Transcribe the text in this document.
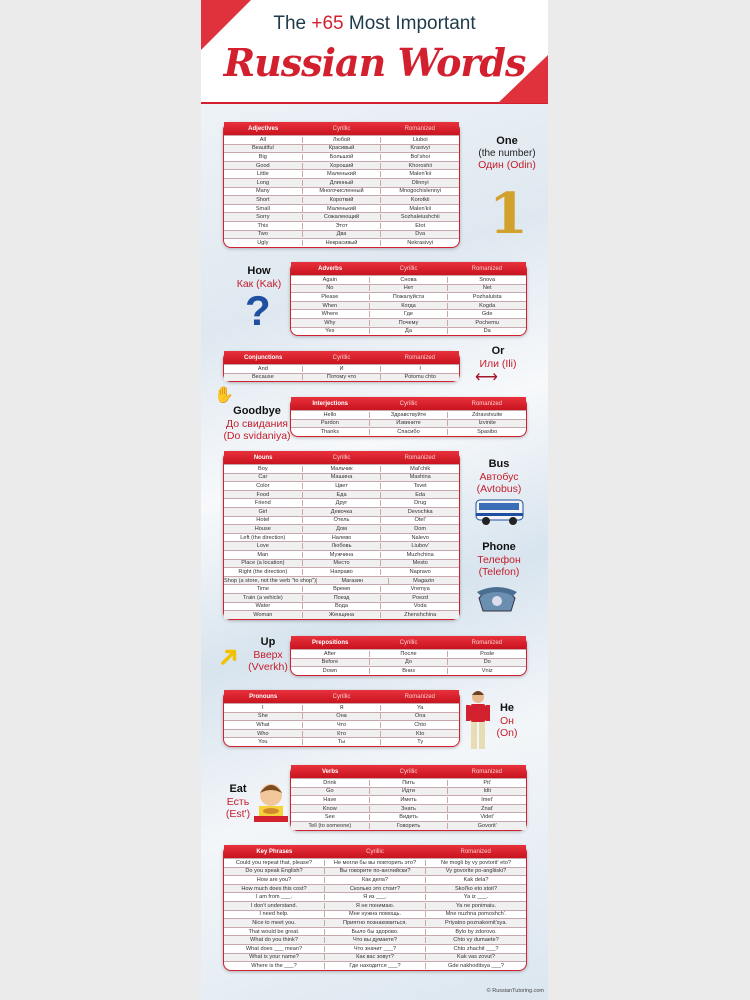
The +65 Most Important
Russian Words
Adjectives	Cyrillic	Romanized
All	Любой	Liuboi
Beautiful	Красивый	Krasivyi
Big	Большой	Bol'shoi
Good	Хороший	Khoroshii
Little	Маленький	Malen'kii
Long	Длинный	Dlinnyi
Many	Многочисленный	Mnogochislennyi
Short	Короткий	Korotkii
Small	Маленький	Malen'kii
Sorry	Сожалеющий	Sozhaleiushchii
This	Этот	Etot
Two	Два	Dva
Ugly	Некрасивый	Nekrasivyi
Adverbs	Cyrillic	Romanized
Again	Снова	Snova
No	Нет	Net
Please	Пожалуйста	Pozhaluista
When	Когда	Kogda
Where	Где	Gde
Why	Почему	Pochemu
Yes	Да	Da
Conjunctions	Cyrillic	Romanized
And	И	I
Because	Потому что	Potomu chto
Interjections	Cyrillic	Romanized
Hello	Здравствуйте	Zdravstvuite
Pardon	Извините	Izvinite
Thanks	Спасибо	Spasibo
Nouns	Cyrillic	Romanized
Boy	Мальчик	Mal'chik
Car	Машина	Mashina
Color	Цвет	Tsvet
Food	Еда	Eda
Friend	Друг	Drug
Girl	Девочка	Devochka
Hotel	Отель	Otel'
House	Дом	Dom
Left (the direction)	Налево	Nalevo
Love	Любовь	Liubov'
Man	Мужчина	Muzhchina
Place (a location)	Место	Mesto
Right (the direction)	Направо	Napravo
Shop (a store, not the verb "to shop")	Магазин	Magazin
Time	Время	Vremya
Train (a vehicle)	Поезд	Poezd
Water	Вода	Voda
Woman	Женщина	Zhenshchina
Prepositions	Cyrillic	Romanized
After	После	Posle
Before	До	Do
Down	Вниз	Vniz
Pronouns	Cyrillic	Romanized
I	Я	Ya
She	Она	Ona
What	Что	Chto
Who	Кто	Kto
You	Ты	Ty
Verbs	Cyrillic	Romanized
Drink	Пить	Pit'
Go	Идти	Idti
Have	Иметь	Imet'
Know	Знать	Znat'
See	Видеть	Videt'
Tell (to someone)	Говорить	Govorit'
Key Phrases	Cyrillic	Romanized
Could you repeat that, please?	Не могли бы вы повторить это?	Ne mogli by vy povtorit' eto?
Do you speak English?	Вы говорите по-английски?	Vy govorite po-angliiski?
How are you?	Как дела?	Kak dela?
How much does this cost?	Сколько это стоит?	Skol'ko eto stoit?
I am from ___.	Я из ___.	Ya iz ___.
I don't understand.	Я не понимаю.	Ya ne ponimaiu.
I need help.	Мне нужна помощь.	Mne nuzhna pomoshch'.
Nice to meet you.	Приятно познакомиться.	Priyatno poznakomit'sya.
That would be great.	Было бы здорово.	Bylo by zdorovo.
What do you think?	Что вы думаете?	Chto vy dumaete?
What does ___ mean?	Что значит ___?	Chto zhachit ___?
What is your name?	Как вас зовут?	Kak vas zovut?
Where is the ___?	Где находится ___?	Gde nakhoditsya ___?
One
(the number)
Один (Odin)
1
How
Как (Kak)
?
Or
Или (Ili)
⟷
✋
Goodbye
До свидания
(Do svidaniya)
Bus
Автобус
(Avtobus)
Phone
Телефон
(Telefon)
➜	Up
Вверх
(Vverkh)
He
Он
(On)
Eat
Есть
(Est')
© RussianTutoring.com
